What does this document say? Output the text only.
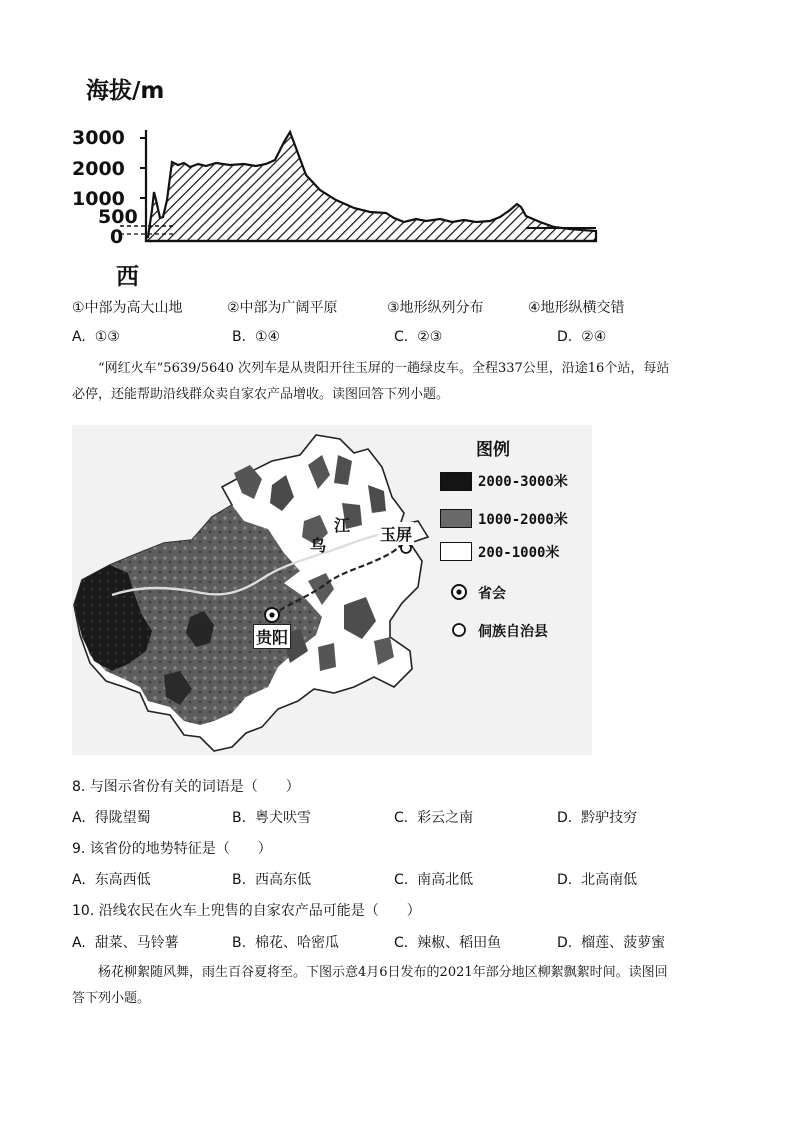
海拔/m
3000
2000
1000
500
0
西
①中部为高大山地	②中部为广阔平原	③地形纵列分布	④地形纵横交错
A. ①③	B. ①④	C. ②③	D. ②④
“网红火车”5639/5640 次列车是从贵阳开往玉屏的一趟绿皮车。全程337公里，沿途16个站，每站
必停，还能帮助沿线群众卖自家农产品增收。读图回答下列小题。
乌
江 玉屏
贵阳
图例
2000-3000米
1000-2000米
200-1000米
省会
侗族自治县
8. 与图示省份有关的词语是（　　）
A. 得陇望蜀	B. 粤犬吠雪	C. 彩云之南	D. 黔驴技穷
9. 该省份的地势特征是（　　）
A. 东高西低	B. 西高东低	C. 南高北低	D. 北高南低
10. 沿线农民在火车上兜售的自家农产品可能是（　　）
A. 甜菜、马铃薯	B. 棉花、哈密瓜	C. 辣椒、稻田鱼	D. 榴莲、菠萝蜜
杨花柳絮随风舞，雨生百谷夏将至。下图示意4月6日发布的2021年部分地区柳絮飘絮时间。读图回
答下列小题。
